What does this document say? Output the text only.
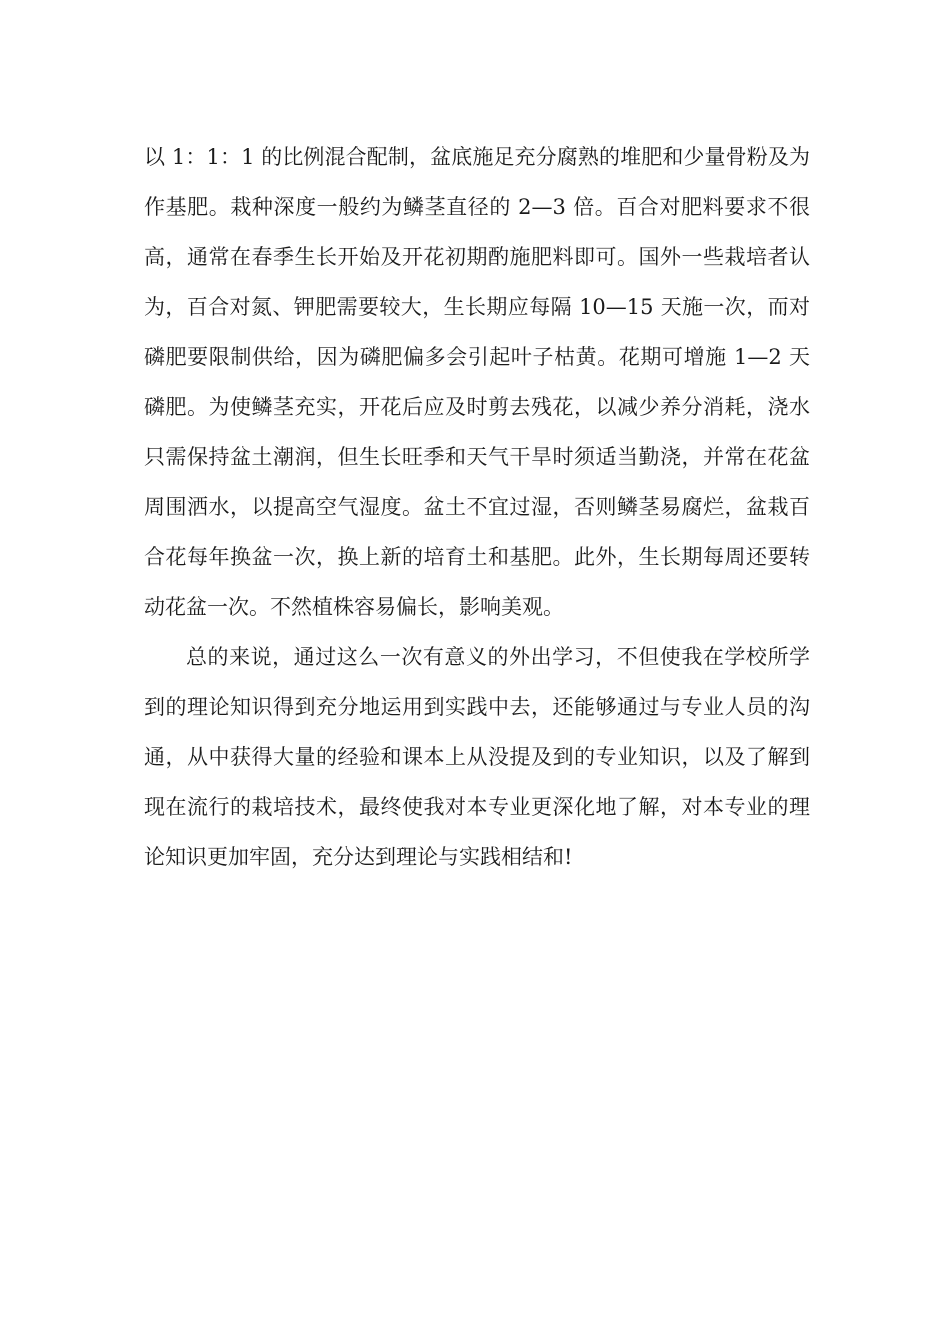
以 1：1：1 的比例混合配制，盆底施足充分腐熟的堆肥和少量骨粉及为作基肥。栽种深度一般约为鳞茎直径的 2—3 倍。百合对肥料要求不很高，通常在春季生长开始及开花初期酌施肥料即可。国外一些栽培者认为，百合对氮、钾肥需要较大，生长期应每隔 10—15 天施一次，而对磷肥要限制供给，因为磷肥偏多会引起叶子枯黄。花期可增施 1—2 天磷肥。为使鳞茎充实，开花后应及时剪去残花，以减少养分消耗，浇水只需保持盆土潮润，但生长旺季和天气干旱时须适当勤浇，并常在花盆周围洒水，以提高空气湿度。盆土不宜过湿，否则鳞茎易腐烂，盆栽百合花每年换盆一次，换上新的培育土和基肥。此外，生长期每周还要转动花盆一次。不然植株容易偏长，影响美观。

总的来说，通过这么一次有意义的外出学习，不但使我在学校所学到的理论知识得到充分地运用到实践中去，还能够通过与专业人员的沟通，从中获得大量的经验和课本上从没提及到的专业知识，以及了解到现在流行的栽培技术，最终使我对本专业更深化地了解，对本专业的理论知识更加牢固，充分达到理论与实践相结和!
